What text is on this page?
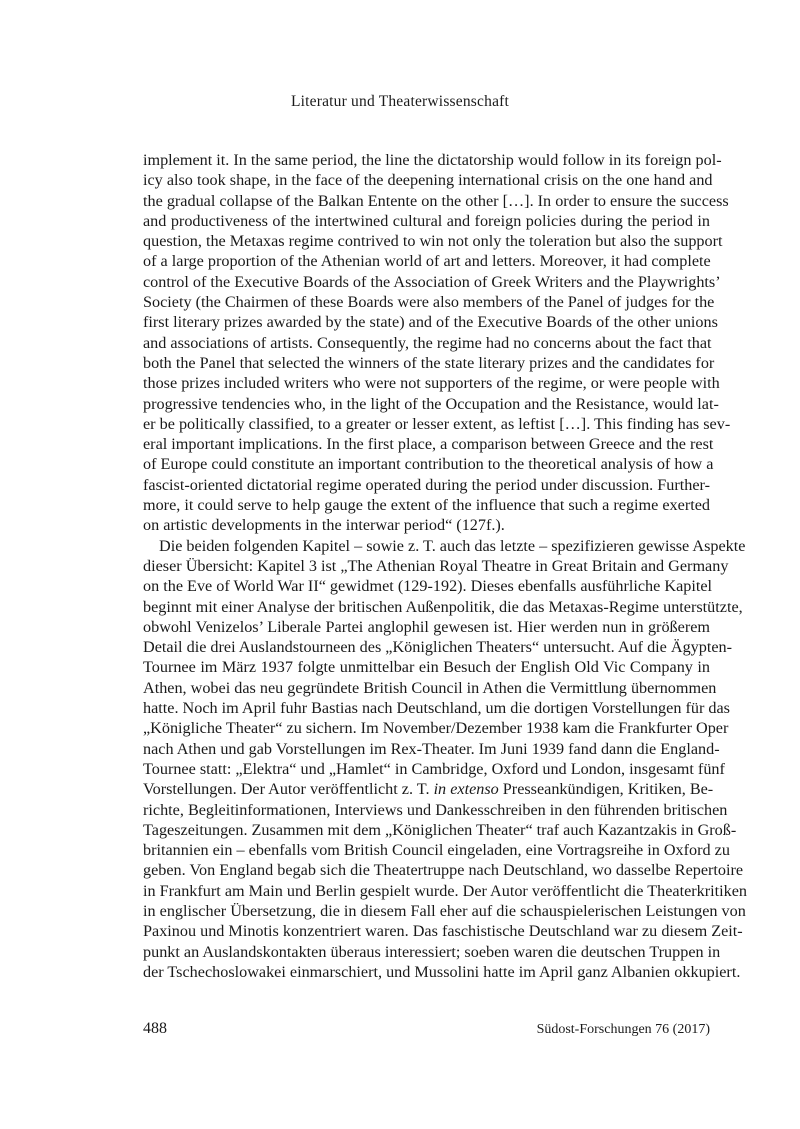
Literatur und Theaterwissenschaft
implement it. In the same period, the line the dictatorship would follow in its foreign pol-
icy also took shape, in the face of the deepening international crisis on the one hand and
the gradual collapse of the Balkan Entente on the other […]. In order to ensure the success
and productiveness of the intertwined cultural and foreign policies during the period in
question, the Metaxas regime contrived to win not only the toleration but also the support
of a large proportion of the Athenian world of art and letters. Moreover, it had complete
control of the Executive Boards of the Association of Greek Writers and the Playwrights’
Society (the Chairmen of these Boards were also members of the Panel of judges for the
first literary prizes awarded by the state) and of the Executive Boards of the other unions
and associations of artists. Consequently, the regime had no concerns about the fact that
both the Panel that selected the winners of the state literary prizes and the candidates for
those prizes included writers who were not supporters of the regime, or were people with
progressive tendencies who, in the light of the Occupation and the Resistance, would lat-
er be politically classified, to a greater or lesser extent, as leftist […]. This finding has sev-
eral important implications. In the first place, a comparison between Greece and the rest
of Europe could constitute an important contribution to the theoretical analysis of how a
fascist-oriented dictatorial regime operated during the period under discussion. Further-
more, it could serve to help gauge the extent of the influence that such a regime exerted
on artistic developments in the interwar period“ (127f.).
Die beiden folgenden Kapitel – sowie z. T. auch das letzte – spezifizieren gewisse Aspekte
dieser Übersicht: Kapitel 3 ist „The Athenian Royal Theatre in Great Britain and Germany
on the Eve of World War II“ gewidmet (129-192). Dieses ebenfalls ausführliche Kapitel
beginnt mit einer Analyse der britischen Außenpolitik, die das Metaxas-Regime unterstützte,
obwohl Venizelos’ Liberale Partei anglophil gewesen ist. Hier werden nun in größerem
Detail die drei Auslandstourneen des „Königlichen Theaters“ untersucht. Auf die Ägypten-
Tournee im März 1937 folgte unmittelbar ein Besuch der English Old Vic Company in
Athen, wobei das neu gegründete British Council in Athen die Vermittlung übernommen
hatte. Noch im April fuhr Bastias nach Deutschland, um die dortigen Vorstellungen für das
„Königliche Theater“ zu sichern. Im November/Dezember 1938 kam die Frankfurter Oper
nach Athen und gab Vorstellungen im Rex-Theater. Im Juni 1939 fand dann die England-
Tournee statt: „Elektra“ und „Hamlet“ in Cambridge, Oxford und London, insgesamt fünf
Vorstellungen. Der Autor veröffentlicht z. T. in extenso Presseankündigen, Kritiken, Be-
richte, Begleitinformationen, Interviews und Dankesschreiben in den führenden britischen
Tageszeitungen. Zusammen mit dem „Königlichen Theater“ traf auch Kazantzakis in Groß-
britannien ein – ebenfalls vom British Council eingeladen, eine Vortragsreihe in Oxford zu
geben. Von England begab sich die Theatertruppe nach Deutschland, wo dasselbe Repertoire
in Frankfurt am Main und Berlin gespielt wurde. Der Autor veröffentlicht die Theaterkritiken
in englischer Übersetzung, die in diesem Fall eher auf die schauspielerischen Leistungen von
Paxinou und Minotis konzentriert waren. Das faschistische Deutschland war zu diesem Zeit-
punkt an Auslandskontakten überaus interessiert; soeben waren die deutschen Truppen in
der Tschechoslowakei einmarschiert, und Mussolini hatte im April ganz Albanien okkupiert.
488	Südost-Forschungen 76 (2017)
